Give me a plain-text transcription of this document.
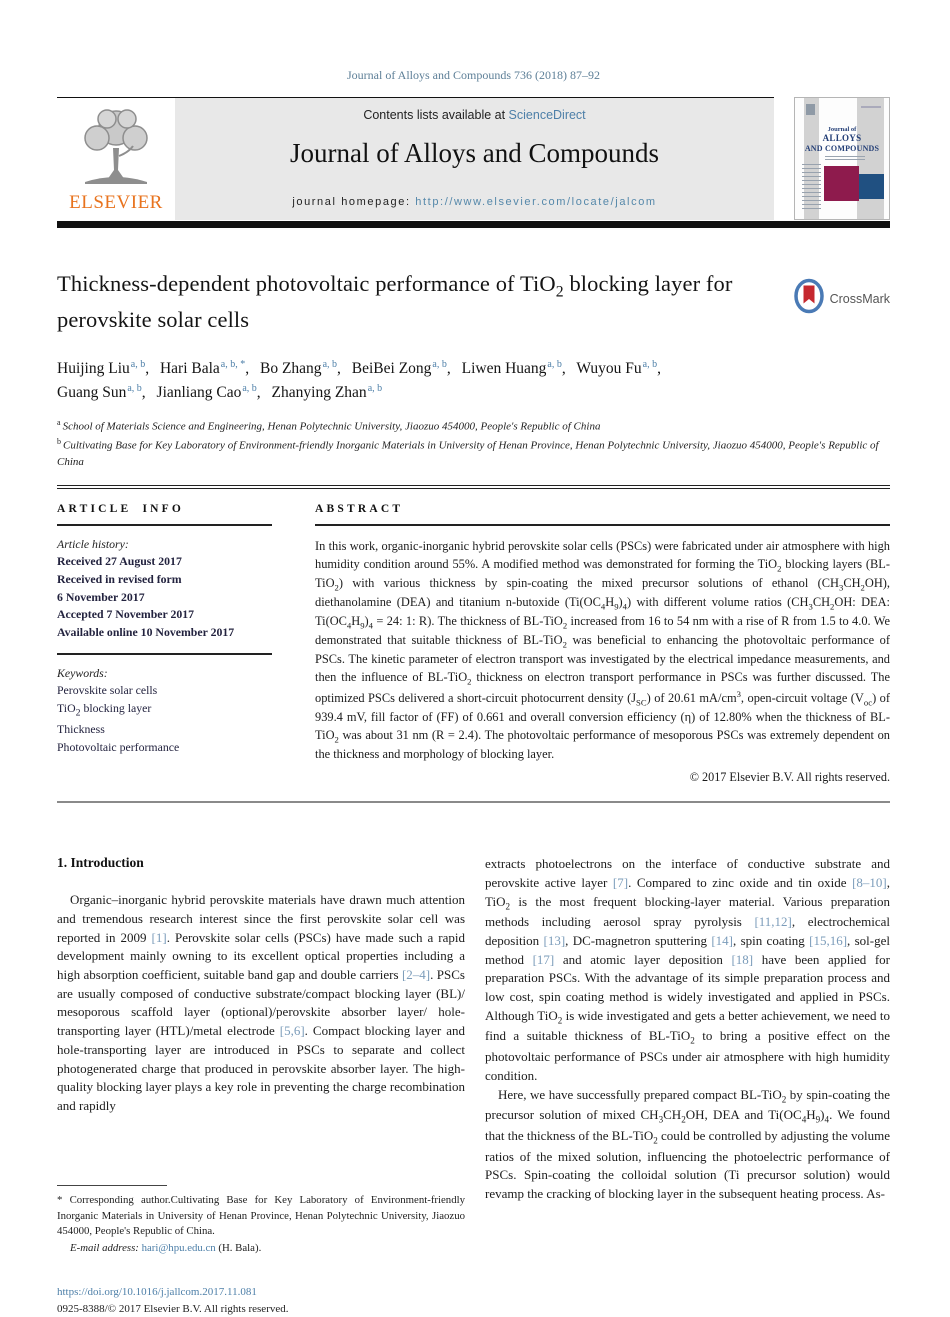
Journal of Alloys and Compounds 736 (2018) 87–92
ELSEVIER
Contents lists available at ScienceDirect
Journal of Alloys and Compounds
journal homepage: http://www.elsevier.com/locate/jalcom
Journal of
ALLOYS
AND COMPOUNDS
Thickness-dependent photovoltaic performance of TiO$_2$ blocking layer for perovskite solar cells
CrossMark
Huijing Liu$^{a, b}$ , Hari Bala$^{a, b, *}$ , Bo Zhang$^{a, b}$ , BeiBei Zong$^{a, b}$ , Liwen Huang$^{a, b}$ , Wuyou Fu$^{a, b}$ , Guang Sun$^{a, b}$ , Jianliang Cao$^{a, b}$ , Zhanying Zhan$^{a, b}$
$^a$ School of Materials Science and Engineering, Henan Polytechnic University, Jiaozuo 454000, People's Republic of China
$^b$ Cultivating Base for Key Laboratory of Environment-friendly Inorganic Materials in University of Henan Province, Henan Polytechnic University, Jiaozuo 454000, People's Republic of China
ARTICLE INFO
Article history:
Received 27 August 2017
Received in revised form
6 November 2017
Accepted 7 November 2017
Available online 10 November 2017
Keywords:
Perovskite solar cells
TiO$_2$ blocking layer
Thickness
Photovoltaic performance
ABSTRACT

In this work, organic-inorganic hybrid perovskite solar cells (PSCs) were fabricated under air atmosphere with high humidity condition around 55%. A modified method was demonstrated for forming the TiO$_2$ blocking layers (BL-TiO$_2$) with various thickness by spin-coating the mixed precursor solutions of ethanol $(CH_3CH_2OH)$, diethanolamine (DEA) and titanium n-butoxide $(Ti(OC_4H_9)_4)$ with different volume ratios ($CH_3CH_2OH$: DEA: $Ti(OC_4H_9)_4 = 24$: 1: R). The thickness of BL-TiO$_2$ increased from 16 to 54 nm with a rise of R from 1.5 to 4.0. We demonstrated that suitable thickness of BL-TiO$_2$ was beneficial to enhancing the photovoltaic performance of PSCs. The kinetic parameter of electron transport was investigated by the electrical impedance measurements, and then the influence of BL-TiO$_2$ thickness on electron transport performance in PSCs was further discussed. The optimized PSCs delivered a short-circuit photocurrent density $(J_{SC})$ of 20.61 $mA/cm^3$, open-circuit voltage $(V_{oc})$ of 939.4 mV, fill factor of (FF) of 0.661 and overall conversion efficiency (η) of 12.80% when the thickness of BL-TiO$_2$ was about 31 nm (R = 2.4). The photovoltaic performance of mesoporous PSCs was extremely dependent on the thickness and morphology of blocking layer.

© 2017 Elsevier B.V. All rights reserved.
1. Introduction

Organic–inorganic hybrid perovskite materials have drawn much attention and tremendous research interest since the first perovskite solar cell was reported in 2009 [1]. Perovskite solar cells (PSCs) have made such a rapid development mainly owning to its excellent optical properties including a high absorption coefficient, suitable band gap and double carriers [2–4]. PSCs are usually composed of conductive substrate/compact blocking layer (BL)/ mesoporous scaffold layer (optional)/perovskite absorber layer/ hole-transporting layer (HTL)/metal electrode [5,6]. Compact blocking layer and hole-transporting layer are introduced in PSCs to separate and collect photogenerated charge that produced in perovskite absorber layer. The high-quality blocking layer plays a key role in preventing the charge recombination and rapidly

* Corresponding author.Cultivating Base for Key Laboratory of Environment-friendly Inorganic Materials in University of Henan Province, Henan Polytechnic University, Jiaozuo 454000, People's Republic of China.

E-mail address: hari@hpu.edu.cn (H. Bala).

https://doi.org/10.1016/j.jallcom.2017.11.081
0925-8388/© 2017 Elsevier B.V. All rights reserved.

extracts photoelectrons on the interface of conductive substrate and perovskite active layer [7]. Compared to zinc oxide and tin oxide [8–10], TiO$_2$ is the most frequent blocking-layer material. Various preparation methods including aerosol spray pyrolysis [11,12], electrochemical deposition [13], DC-magnetron sputtering [14], spin coating [15,16], sol-gel method [17] and atomic layer deposition [18] have been applied for preparation PSCs. With the advantage of its simple preparation process and low cost, spin coating method is widely investigated and applied in PSCs. Although TiO$_2$ is wide investigated and gets a better achievement, we need to find a suitable thickness of BL-TiO$_2$ to bring a positive effect on the photovoltaic performance of PSCs under air atmosphere with high humidity condition.

Here, we have successfully prepared compact BL-TiO$_2$ by spin-coating the precursor solution of mixed $CH_3CH_2OH$, DEA and $Ti(OC_4H_9)_4$. We found that the thickness of the BL-TiO$_2$ could be controlled by adjusting the volume ratios of the mixed solution, influencing the photoelectric performance of PSCs. Spin-coating the colloidal solution (Ti precursor solution) would revamp the cracking of blocking layer in the subsequent heating process. As-
